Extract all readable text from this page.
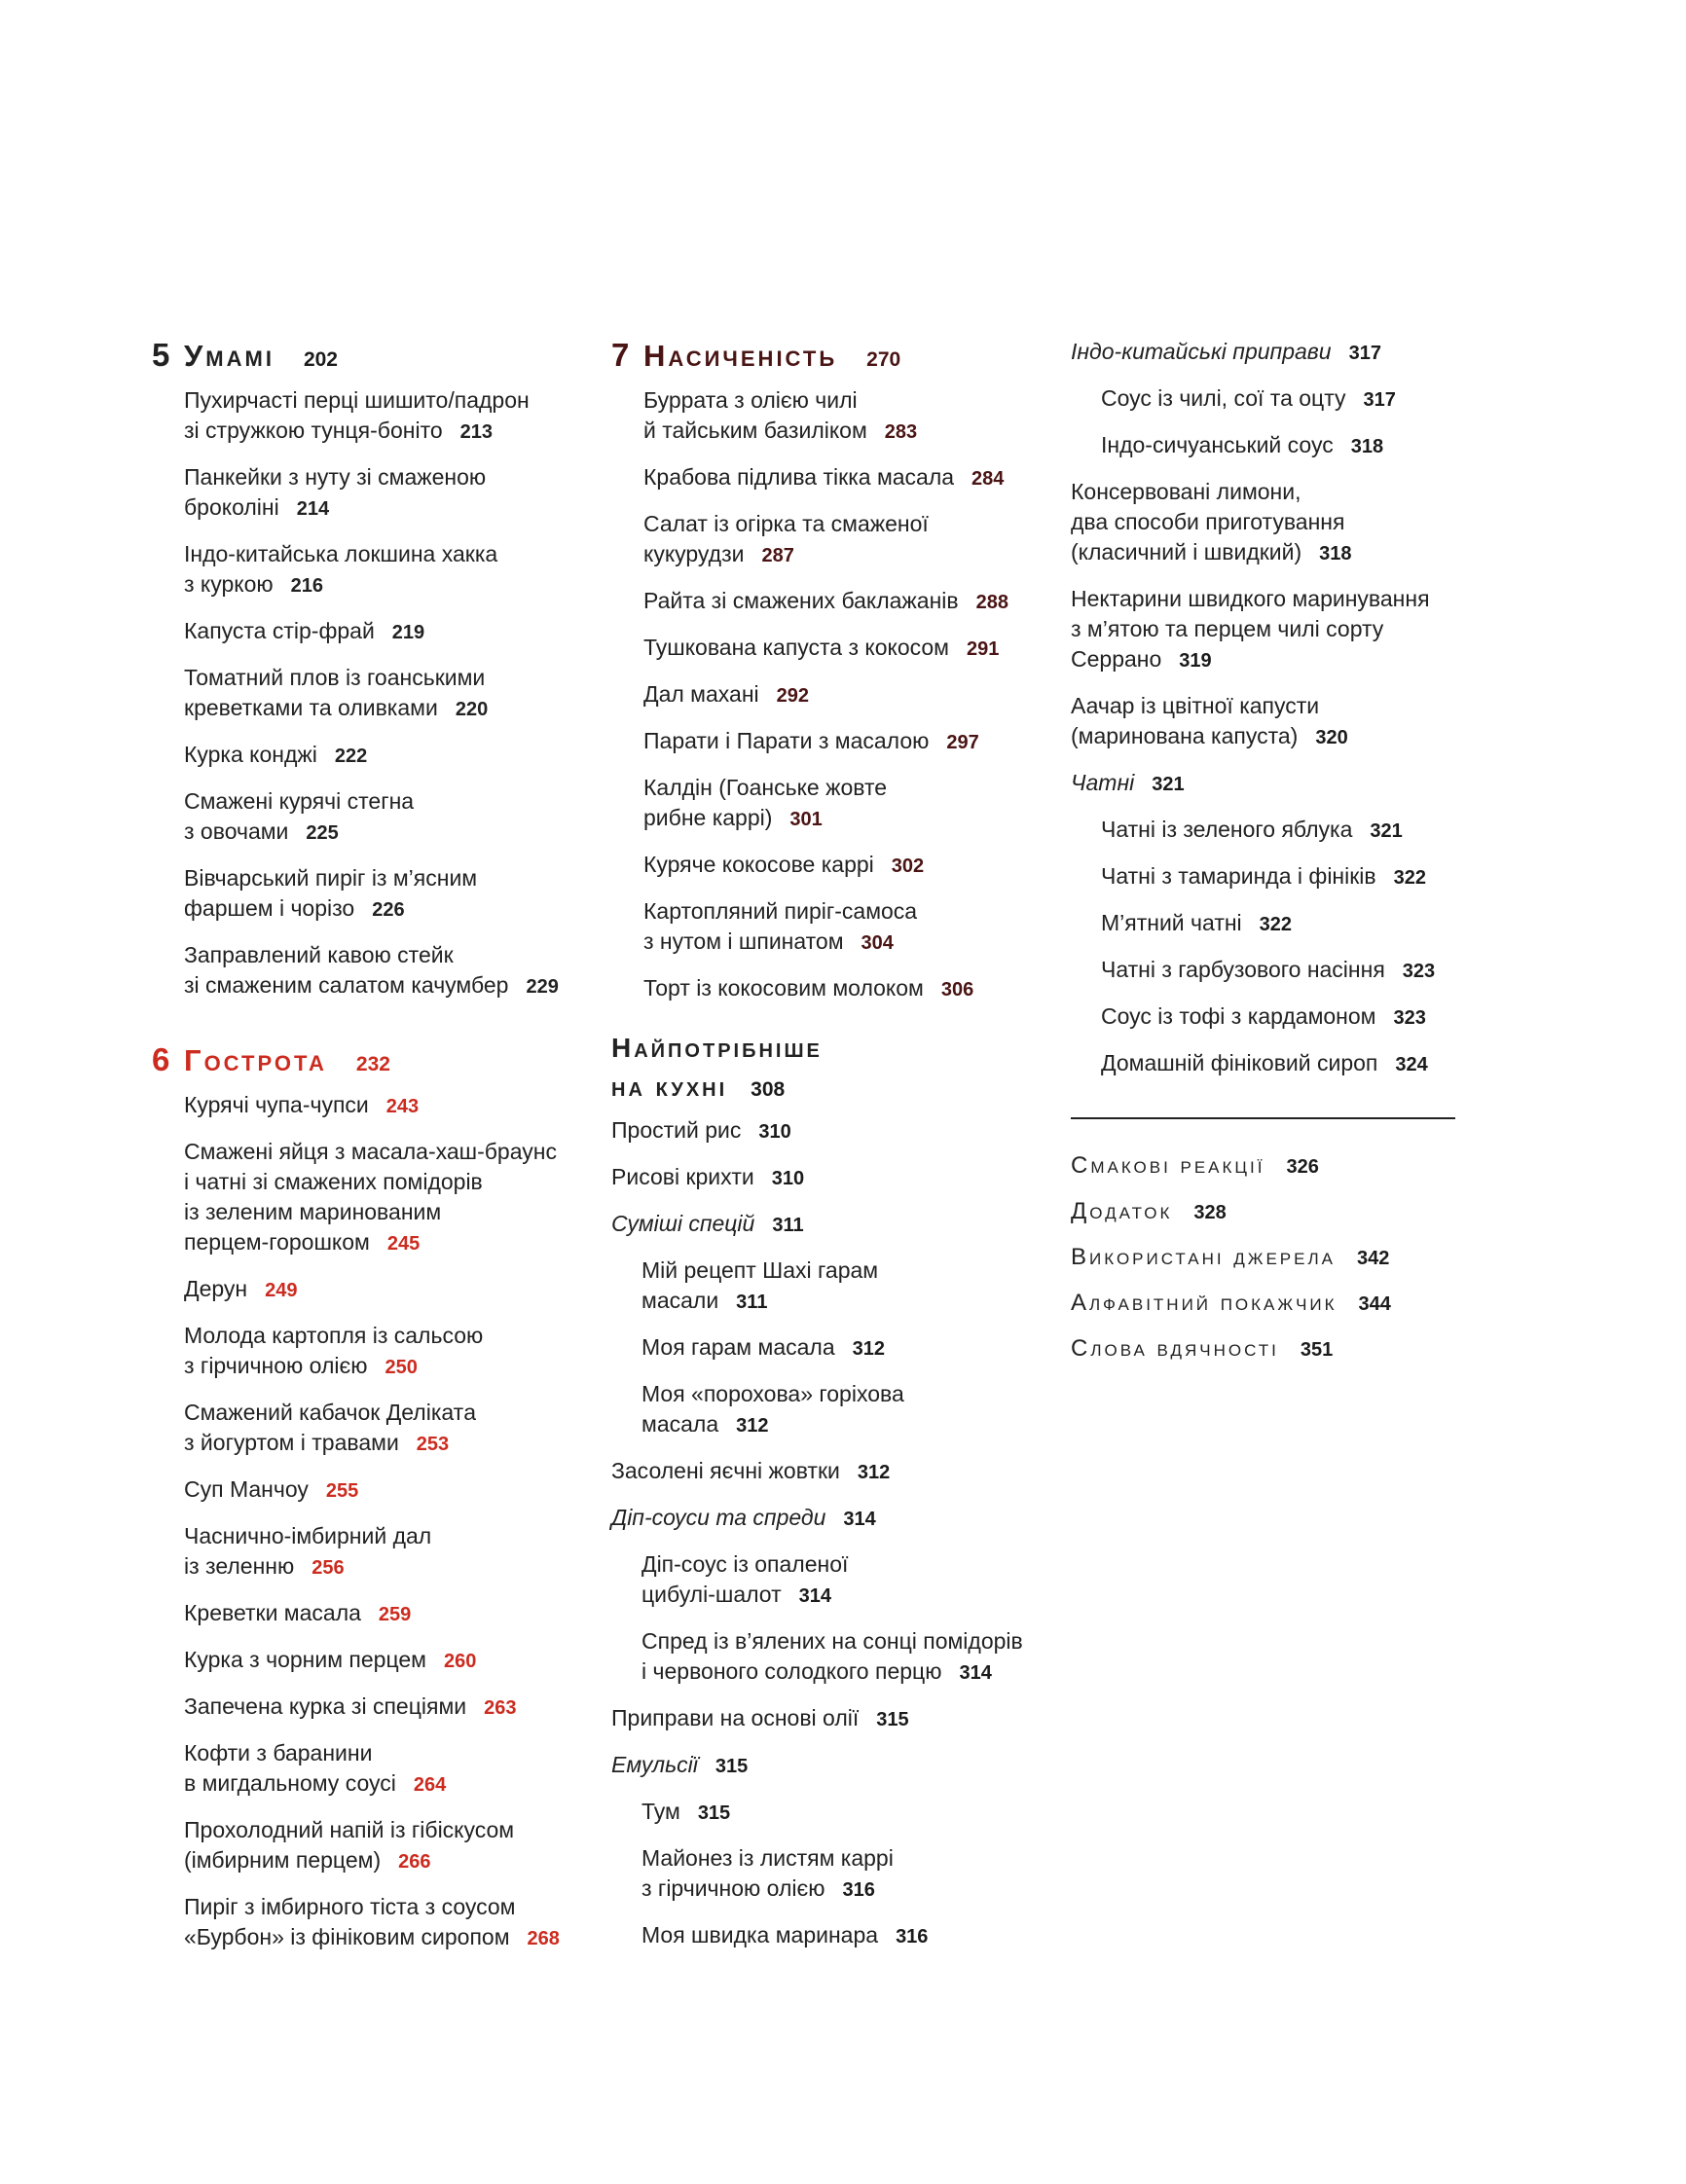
5 Умамі 202
Пухирчасті перці шишито/падрон
зі стружкою тунця-боніто 213
Панкейки з нуту зі смаженою
броколіні 214
Індо-китайська локшина хакка
з куркою 216
Капуста стір-фрай 219
Томатний плов із гоанськими
креветками та оливками 220
Курка конджі 222
Смажені курячі стегна
з овочами 225
Вівчарський пиріг із м’ясним
фаршем і чорізо 226
Заправлений кавою стейк
зі смаженим салатом качумбер 229
6 Гострота 232
Курячі чупа-чупси 243
Смажені яйця з масала-хаш-браунс
і чатні зі смажених помідорів
із зеленим маринованим
перцем-горошком 245
Дерун 249
Молода картопля із сальсою
з гірчичною олією 250
Смажений кабачок Делікатa
з йогуртом і травами 253
Суп Манчоу 255
Часнично-імбирний дал
із зеленню 256
Креветки масала 259
Курка з чорним перцем 260
Запечена курка зі спеціями 263
Кофти з баранини
в мигдальному соусі 264
Прохолодний напій із гібіскусом
(імбирним перцем) 266
Пиріг з імбирного тіста з соусом
«Бурбон» із фініковим сиропом 268
7 Насиченість 270
Буррата з олією чилі
й тайським базиліком 283
Крабова підлива тікка масала 284
Салат із огірка та смаженої
кукурудзи 287
Райта зі смажених баклажанів 288
Тушкована капуста з кокосом 291
Дал махані 292
Парати і Парати з масалою 297
Калдін (Гоанське жовте
рибне каррі) 301
Куряче кокосове каррі 302
Картопляний пиріг-самоса
з нутом і шпинатом 304
Торт із кокосовим молоком 306
Найпотрібніше
на кухні 308
Простий рис 310
Рисові крихти 310
Суміші спецій 311
Мій рецепт Шахі гарам
масали 311
Моя гарам масала 312
Моя «порохова» горіхова
масала 312
Засолені яєчні жовтки 312
Діп-соуси та спреди 314
Діп-соус із опаленої
цибулі-шалот 314
Спред із в’ялених на сонці помідорів
і червоного солодкого перцю 314
Приправи на основі олії 315
Емульсії 315
Тум 315
Майонез із листям каррі
з гірчичною олією 316
Моя швидка маринара 316
Індо-китайські приправи 317
Соус із чилі, сої та оцту 317
Індо-сичуанський соус 318
Консервовані лимони,
два способи приготування
(класичний і швидкий) 318
Нектарини швидкого маринування
з м’ятою та перцем чилі сорту
Серрано 319
Аачар із цвітної капусти
(маринована капуста) 320
Чатні 321
Чатні із зеленого яблука 321
Чатні з тамаринда і фініків 322
М’ятний чатні 322
Чатні з гарбузового насіння 323
Соус із тофі з кардамоном 323
Домашній фініковий сироп 324
Смакові реакції 326
Додаток 328
Використані джерела 342
Алфавітний покажчик 344
Слова вдячності 351
